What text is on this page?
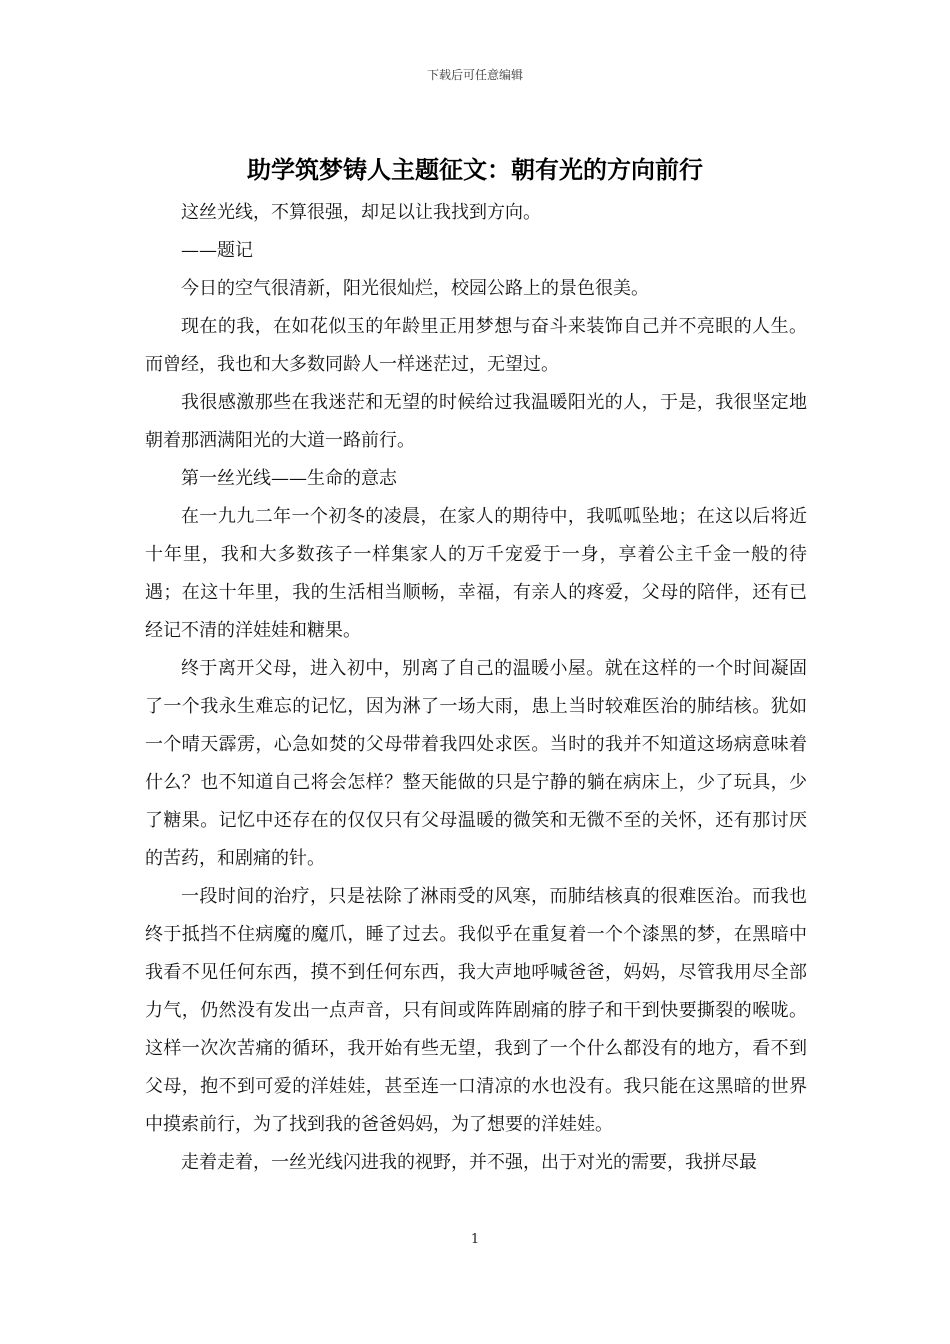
下载后可任意编辑
助学筑梦铸人主题征文：朝有光的方向前行

这丝光线，不算很强，却足以让我找到方向。

——题记

今日的空气很清新，阳光很灿烂，校园公路上的景色很美。

现在的我，在如花似玉的年龄里正用梦想与奋斗来装饰自己并不亮眼的人生。而曾经，我也和大多数同龄人一样迷茫过，无望过。

我很感激那些在我迷茫和无望的时候给过我温暖阳光的人，于是，我很坚定地朝着那洒满阳光的大道一路前行。

第一丝光线——生命的意志

在一九九二年一个初冬的凌晨，在家人的期待中，我呱呱坠地；在这以后将近十年里，我和大多数孩子一样集家人的万千宠爱于一身，享着公主千金一般的待遇；在这十年里，我的生活相当顺畅，幸福，有亲人的疼爱，父母的陪伴，还有已经记不清的洋娃娃和糖果。

终于离开父母，进入初中，别离了自己的温暖小屋。就在这样的一个时间凝固了一个我永生难忘的记忆，因为淋了一场大雨，患上当时较难医治的肺结核。犹如一个晴天霹雳，心急如焚的父母带着我四处求医。当时的我并不知道这场病意味着什么？也不知道自己将会怎样？整天能做的只是宁静的躺在病床上，少了玩具，少了糖果。记忆中还存在的仅仅只有父母温暖的微笑和无微不至的关怀，还有那讨厌的苦药，和剧痛的针。

一段时间的治疗，只是祛除了淋雨受的风寒，而肺结核真的很难医治。而我也终于抵挡不住病魔的魔爪，睡了过去。我似乎在重复着一个个漆黑的梦，在黑暗中我看不见任何东西，摸不到任何东西，我大声地呼喊爸爸，妈妈，尽管我用尽全部力气，仍然没有发出一点声音，只有间或阵阵剧痛的脖子和干到快要撕裂的喉咙。这样一次次苦痛的循环，我开始有些无望，我到了一个什么都没有的地方，看不到父母，抱不到可爱的洋娃娃，甚至连一口清凉的水也没有。我只能在这黑暗的世界中摸索前行，为了找到我的爸爸妈妈，为了想要的洋娃娃。

走着走着，一丝光线闪进我的视野，并不强，出于对光的需要，我拼尽最

1
